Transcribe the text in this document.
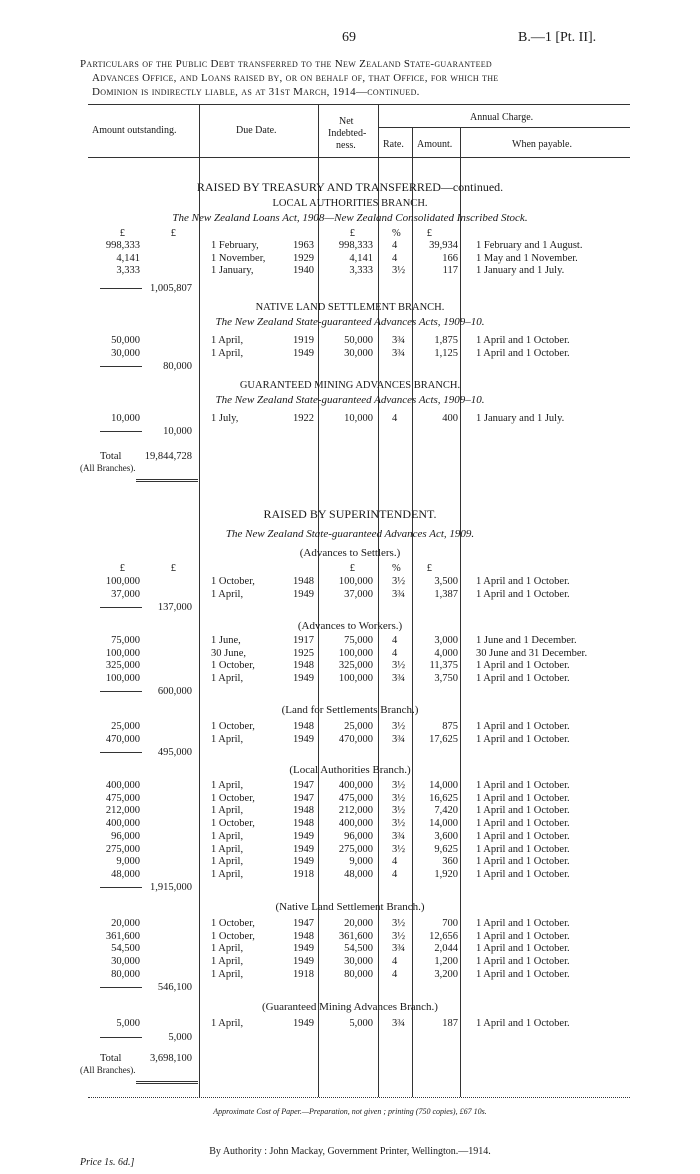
69	B.—1 [Pt. II].
Particulars of the Public Debt transferred to the New Zealand State-guaranteed
Advances Office, and Loans raised by, or on behalf of, that Office, for which the
Dominion is indirectly liable, as at 31st March, 1914—continued.
Amount outstanding.	Due Date.
Net
Indebted-
ness.
Annual Charge.
Rate. Amount.	When payable.
RAISED BY TREASURY AND TRANSFERRED—continued.
LOCAL AUTHORITIES BRANCH.
The New Zealand Loans Act, 1908—New Zealand Consolidated Inscribed Stock.
£	£	£	% £
998,333	1 February,	1963 998,333 4	39,934 1 February and 1 August.
4,141	1 November,	1929	4,141 4	166 1 May and 1 November.
3,333	1 January,	1940	3,333 3½	117 1 January and 1 July.
1,005,807
NATIVE LAND SETTLEMENT BRANCH.
The New Zealand State-guaranteed Advances Acts, 1909–10.
50,000	1 April,	1919	50,000 3¾	1,875 1 April and 1 October.
30,000	1 April,	1949	30,000 3¾	1,125 1 April and 1 October.
80,000
GUARANTEED MINING ADVANCES BRANCH.
The New Zealand State-guaranteed Advances Acts, 1909–10.
10,000	1 July,	1922	10,000 4	400 1 January and 1 July.
10,000
Total 19,844,728
(All Branches).
RAISED BY SUPERINTENDENT.
The New Zealand State-guaranteed Advances Act, 1909.
(Advances to Settlers.)
£	£	£	% £
100,000	1 October,	1948 100,000 3½	3,500 1 April and 1 October.
37,000	1 April,	1949	37,000 3¾	1,387 1 April and 1 October.
137,000
(Advances to Workers.)
75,000	1 June,	1917	75,000 4	3,000 1 June and 1 December.
100,000	30 June,	1925 100,000 4	4,000 30 June and 31 December.
325,000	1 October,	1948 325,000 3½ 11,375 1 April and 1 October.
100,000	1 April,	1949 100,000 3¾	3,750 1 April and 1 October.
600,000
(Land for Settlements Branch.)
25,000	1 October,	1948	25,000 3½	875 1 April and 1 October.
470,000	1 April,	1949 470,000 3¾ 17,625 1 April and 1 October.
495,000
(Local Authorities Branch.)
400,000	1 April,	1947 400,000 3½ 14,000 1 April and 1 October.
475,000	1 October,	1947 475,000 3½ 16,625 1 April and 1 October.
212,000	1 April,	1948 212,000 3½	7,420 1 April and 1 October.
400,000	1 October,	1948 400,000 3½ 14,000 1 April and 1 October.
96,000	1 April,	1949	96,000 3¾	3,600 1 April and 1 October.
275,000	1 April,	1949 275,000 3½	9,625 1 April and 1 October.
9,000	1 April,	1949	9,000 4	360 1 April and 1 October.
48,000	1 April,	1918	48,000 4	1,920 1 April and 1 October.
1,915,000
(Native Land Settlement Branch.)
20,000	1 October,	1947	20,000 3½	700 1 April and 1 October.
361,600	1 October,	1948 361,600 3½ 12,656 1 April and 1 October.
54,500	1 April,	1949	54,500 3¾	2,044 1 April and 1 October.
30,000	1 April,	1949	30,000 4	1,200 1 April and 1 October.
80,000	1 April,	1918	80,000 4	3,200 1 April and 1 October.
546,100
(Guaranteed Mining Advances Branch.)
5,000	1 April,	1949	5,000 3¾	187 1 April and 1 October.
5,000
Total	3,698,100
(All Branches).
Approximate Cost of Paper.—Preparation, not given ; printing (750 copies), £67 10s.
By Authority : John Mackay, Government Printer, Wellington.—1914.
Price 1s. 6d.]
